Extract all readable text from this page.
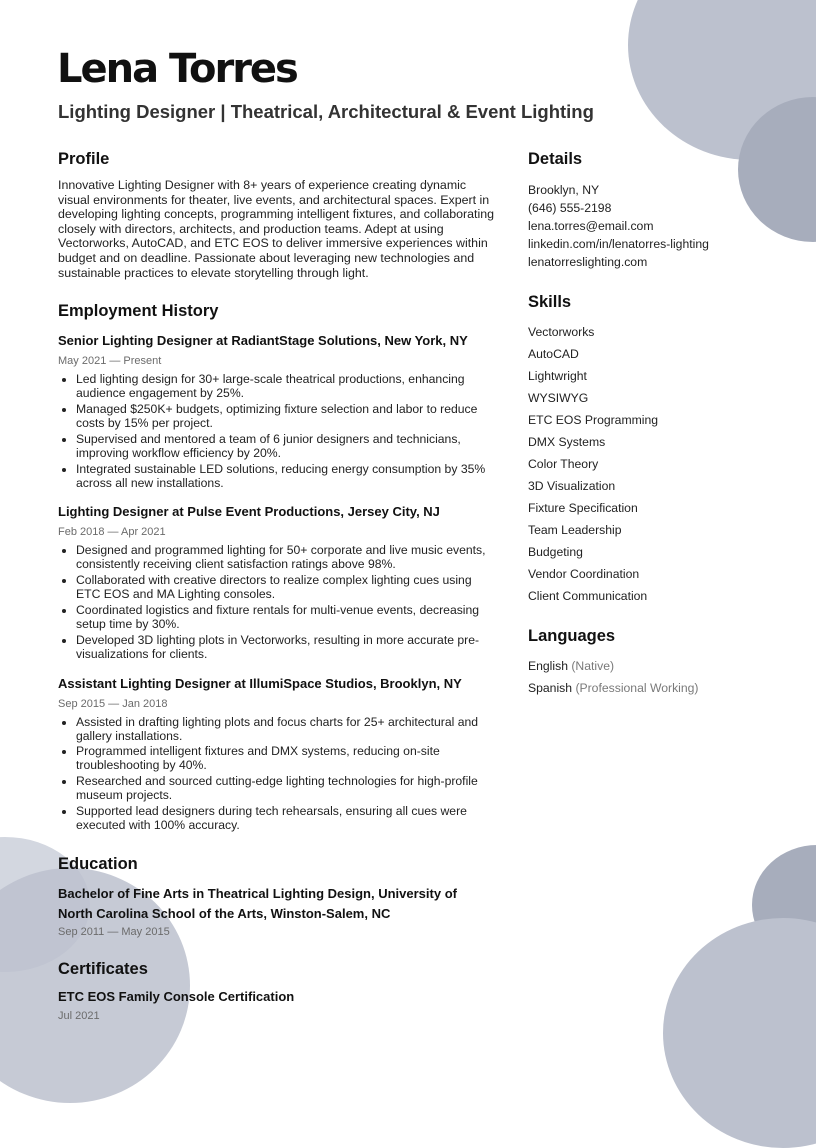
Lena Torres
Lighting Designer | Theatrical, Architectural & Event Lighting
Profile

Innovative Lighting Designer with 8+ years of experience creating dynamic visual environments for theater, live events, and architectural spaces. Expert in developing lighting concepts, programming intelligent fixtures, and collaborating closely with directors, architects, and production teams. Adept at using Vectorworks, AutoCAD, and ETC EOS to deliver immersive experiences within budget and on deadline. Passionate about leveraging new technologies and sustainable practices to elevate storytelling through light.

Employment History
Senior Lighting Designer at RadiantStage Solutions, New York, NY
May 2021 — Present
• Led lighting design for 30+ large-scale theatrical productions, enhancing audience engagement by 25%.
• Managed $250K+ budgets, optimizing fixture selection and labor to reduce costs by 15% per project.
• Supervised and mentored a team of 6 junior designers and technicians, improving workflow efficiency by 20%.
• Integrated sustainable LED solutions, reducing energy consumption by 35% across all new installations.
Lighting Designer at Pulse Event Productions, Jersey City, NJ
Feb 2018 — Apr 2021
• Designed and programmed lighting for 50+ corporate and live music events, consistently receiving client satisfaction ratings above 98%.
• Collaborated with creative directors to realize complex lighting cues using ETC EOS and MA Lighting consoles.
• Coordinated logistics and fixture rentals for multi-venue events, decreasing setup time by 30%.
• Developed 3D lighting plots in Vectorworks, resulting in more accurate pre-visualizations for clients.
Assistant Lighting Designer at IllumiSpace Studios, Brooklyn, NY
Sep 2015 — Jan 2018
• Assisted in drafting lighting plots and focus charts for 25+ architectural and gallery installations.
• Programmed intelligent fixtures and DMX systems, reducing on-site troubleshooting by 40%.
• Researched and sourced cutting-edge lighting technologies for high-profile museum projects.
• Supported lead designers during tech rehearsals, ensuring all cues were executed with 100% accuracy.
Education
Bachelor of Fine Arts in Theatrical Lighting Design, University of North Carolina School of the Arts, Winston-Salem, NC
Sep 2011 — May 2015
Certificates
ETC EOS Family Console Certification
Jul 2021
Details
Brooklyn, NY
(646) 555-2198
lena.torres@email.com
linkedin.com/in/lenatorres-lighting
lenatorreslighting.com
Skills
Vectorworks
AutoCAD
Lightwright
WYSIWYG
ETC EOS Programming
DMX Systems
Color Theory
3D Visualization
Fixture Specification
Team Leadership
Budgeting
Vendor Coordination
Client Communication
Languages
English (Native)
Spanish (Professional Working)
